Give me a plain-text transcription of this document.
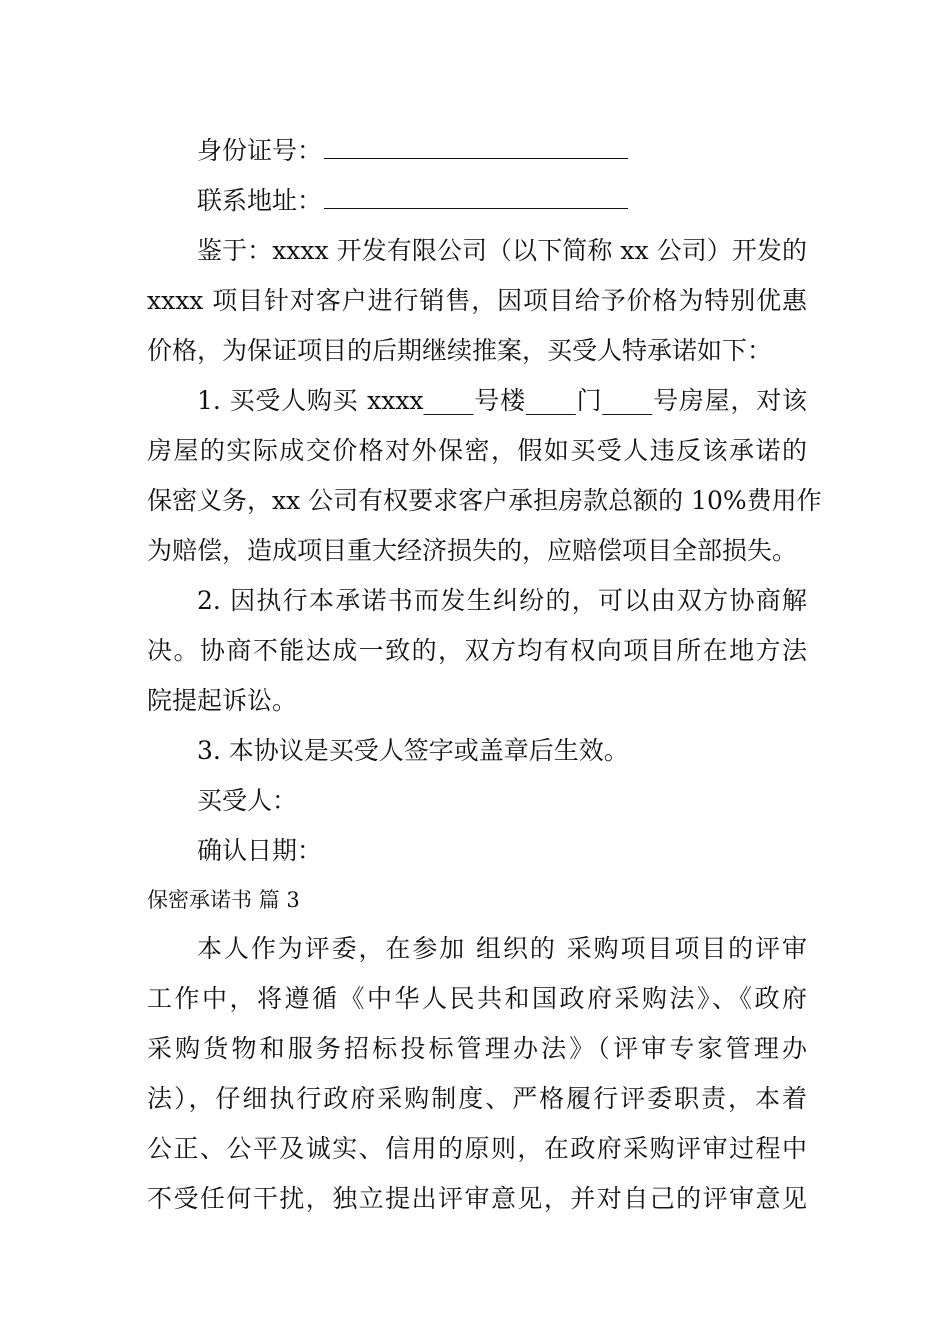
身份证号：
联系地址：
鉴于：xxxx 开发有限公司（以下简称 xx 公司）开发的
xxxx 项目针对客户进行销售，因项目给予价格为特别优惠
价格，为保证项目的后期继续推案，买受人特承诺如下：
1. 买受人购买 xxxx____号楼____门____号房屋，对该
房屋的实际成交价格对外保密，假如买受人违反该承诺的
保密义务，xx 公司有权要求客户承担房款总额的 10%费用作
为赔偿，造成项目重大经济损失的，应赔偿项目全部损失。
2. 因执行本承诺书而发生纠纷的，可以由双方协商解
决。协商不能达成一致的，双方均有权向项目所在地方法
院提起诉讼。
3. 本协议是买受人签字或盖章后生效。
买受人：
确认日期：
保密承诺书 篇 3
本人作为评委，在参加 组织的 采购项目项目的评审
工作中，将遵循《中华人民共和国政府采购法》、《政府
采购货物和服务招标投标管理办法》（评审专家管理办
法），仔细执行政府采购制度、严格履行评委职责，本着
公正、公平及诚实、信用的原则，在政府采购评审过程中
不受任何干扰，独立提出评审意见，并对自己的评审意见
